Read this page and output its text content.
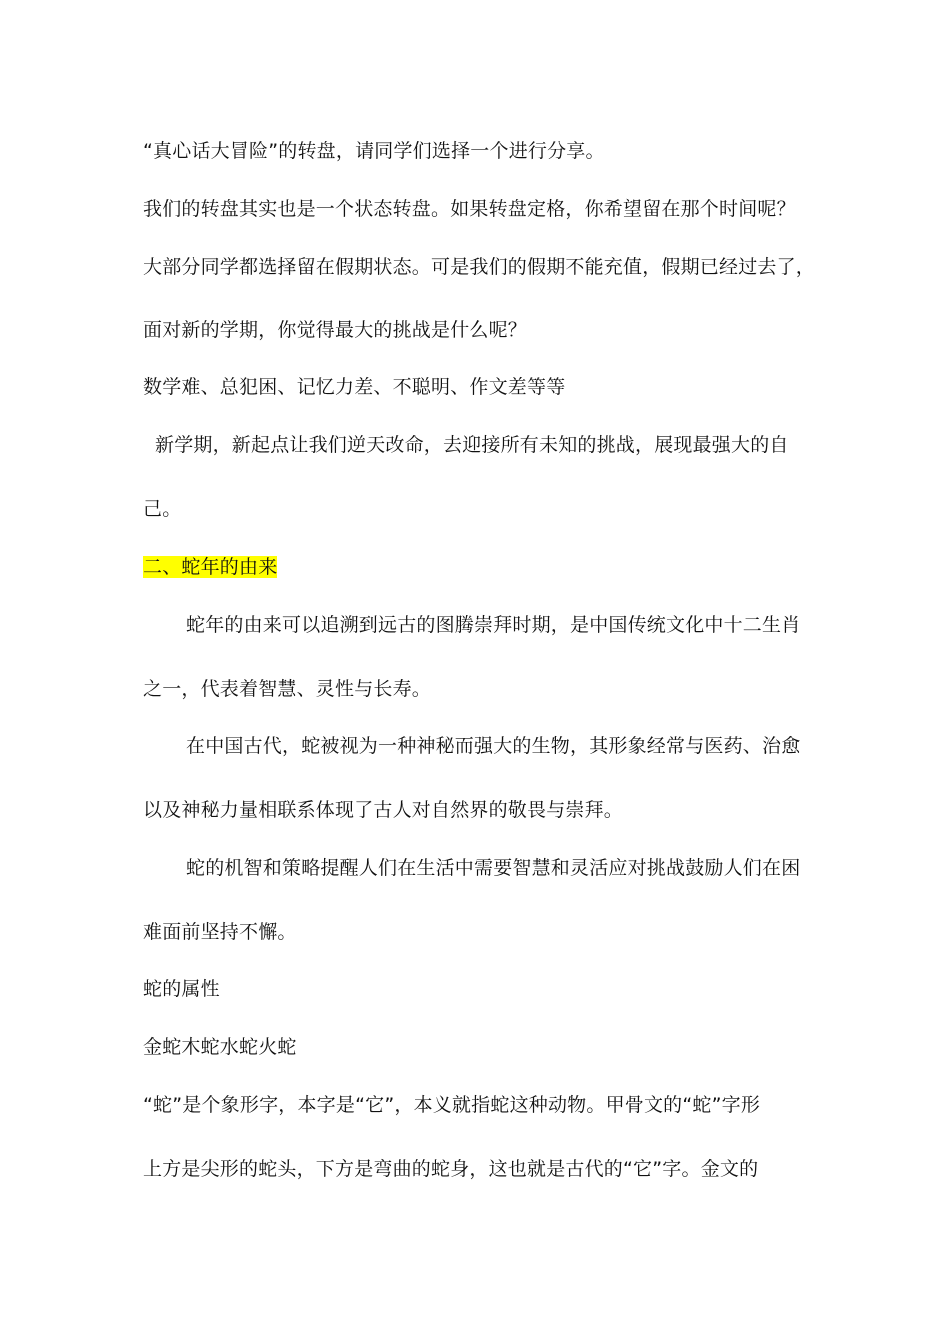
“真心话大冒险”的转盘，请同学们选择一个进行分享。
我们的转盘其实也是一个状态转盘。如果转盘定格，你希望留在那个时间呢？
大部分同学都选择留在假期状态。可是我们的假期不能充值，假期已经过去了，
面对新的学期，你觉得最大的挑战是什么呢？
数学难、总犯困、记忆力差、不聪明、作文差等等
新学期，新起点让我们逆天改命，去迎接所有未知的挑战，展现最强大的自
己。
二、蛇年的由来
蛇年的由来可以追溯到远古的图腾崇拜时期，是中国传统文化中十二生肖
之一，代表着智慧、灵性与长寿。
在中国古代，蛇被视为一种神秘而强大的生物，其形象经常与医药、治愈
以及神秘力量相联系体现了古人对自然界的敬畏与崇拜。
蛇的机智和策略提醒人们在生活中需要智慧和灵活应对挑战鼓励人们在困
难面前坚持不懈。
蛇的属性
金蛇木蛇水蛇火蛇
“蛇”是个象形字，本字是“它”，本义就指蛇这种动物。甲骨文的“蛇”字形
上方是尖形的蛇头，下方是弯曲的蛇身，这也就是古代的“它”字。金文的
